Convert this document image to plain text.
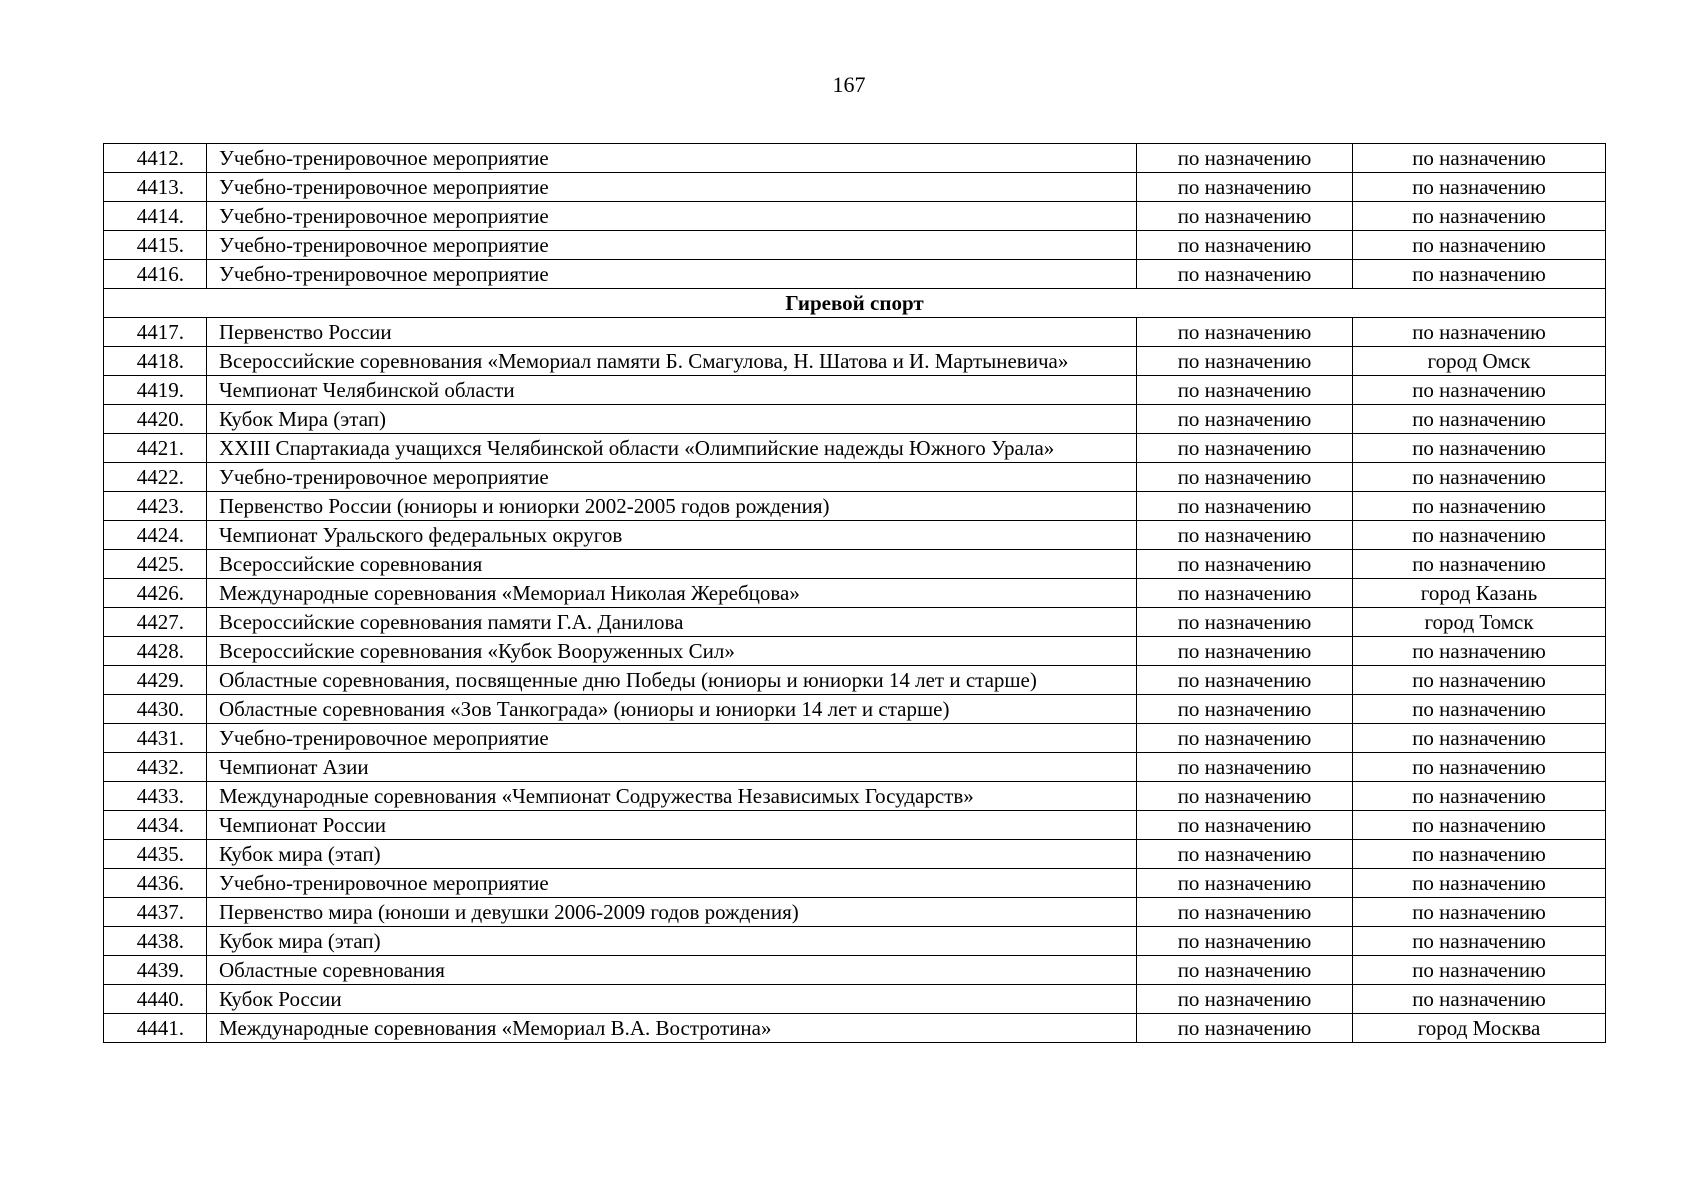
167
4412.	Учебно-тренировочное мероприятие	по назначению	по назначению
4413.	Учебно-тренировочное мероприятие	по назначению	по назначению
4414.	Учебно-тренировочное мероприятие	по назначению	по назначению
4415.	Учебно-тренировочное мероприятие	по назначению	по назначению
4416.	Учебно-тренировочное мероприятие	по назначению	по назначению
Гиревой спорт			
4417.	Первенство России	по назначению	по назначению
4418.	Всероссийские соревнования «Мемориал памяти Б. Смагулова, Н. Шатова и И. Мартыневича»	по назначению	город Омск
4419.	Чемпионат Челябинской области	по назначению	по назначению
4420.	Кубок Мира (этап)	по назначению	по назначению
4421.	XXIII Спартакиада учащихся Челябинской области «Олимпийские надежды Южного Урала»	по назначению	по назначению
4422.	Учебно-тренировочное мероприятие	по назначению	по назначению
4423.	Первенство России (юниоры и юниорки 2002-2005 годов рождения)	по назначению	по назначению
4424.	Чемпионат Уральского федеральных округов	по назначению	по назначению
4425.	Всероссийские соревнования	по назначению	по назначению
4426.	Международные соревнования «Мемориал Николая Жеребцова»	по назначению	город Казань
4427.	Всероссийские соревнования памяти Г.А. Данилова	по назначению	город Томск
4428.	Всероссийские соревнования «Кубок Вооруженных Сил»	по назначению	по назначению
4429.	Областные соревнования, посвященные дню Победы (юниоры и юниорки 14 лет и старше)	по назначению	по назначению
4430.	Областные соревнования «Зов Танкограда» (юниоры и юниорки 14 лет и старше)	по назначению	по назначению
4431.	Учебно-тренировочное мероприятие	по назначению	по назначению
4432.	Чемпионат Азии	по назначению	по назначению
4433.	Международные соревнования «Чемпионат Содружества Независимых Государств»	по назначению	по назначению
4434.	Чемпионат России	по назначению	по назначению
4435.	Кубок мира (этап)	по назначению	по назначению
4436.	Учебно-тренировочное мероприятие	по назначению	по назначению
4437.	Первенство мира (юноши и девушки 2006-2009 годов рождения)	по назначению	по назначению
4438.	Кубок мира (этап)	по назначению	по назначению
4439.	Областные соревнования	по назначению	по назначению
4440.	Кубок России	по назначению	по назначению
4441.	Международные соревнования «Мемориал В.А. Востротина»	по назначению	город Москва
